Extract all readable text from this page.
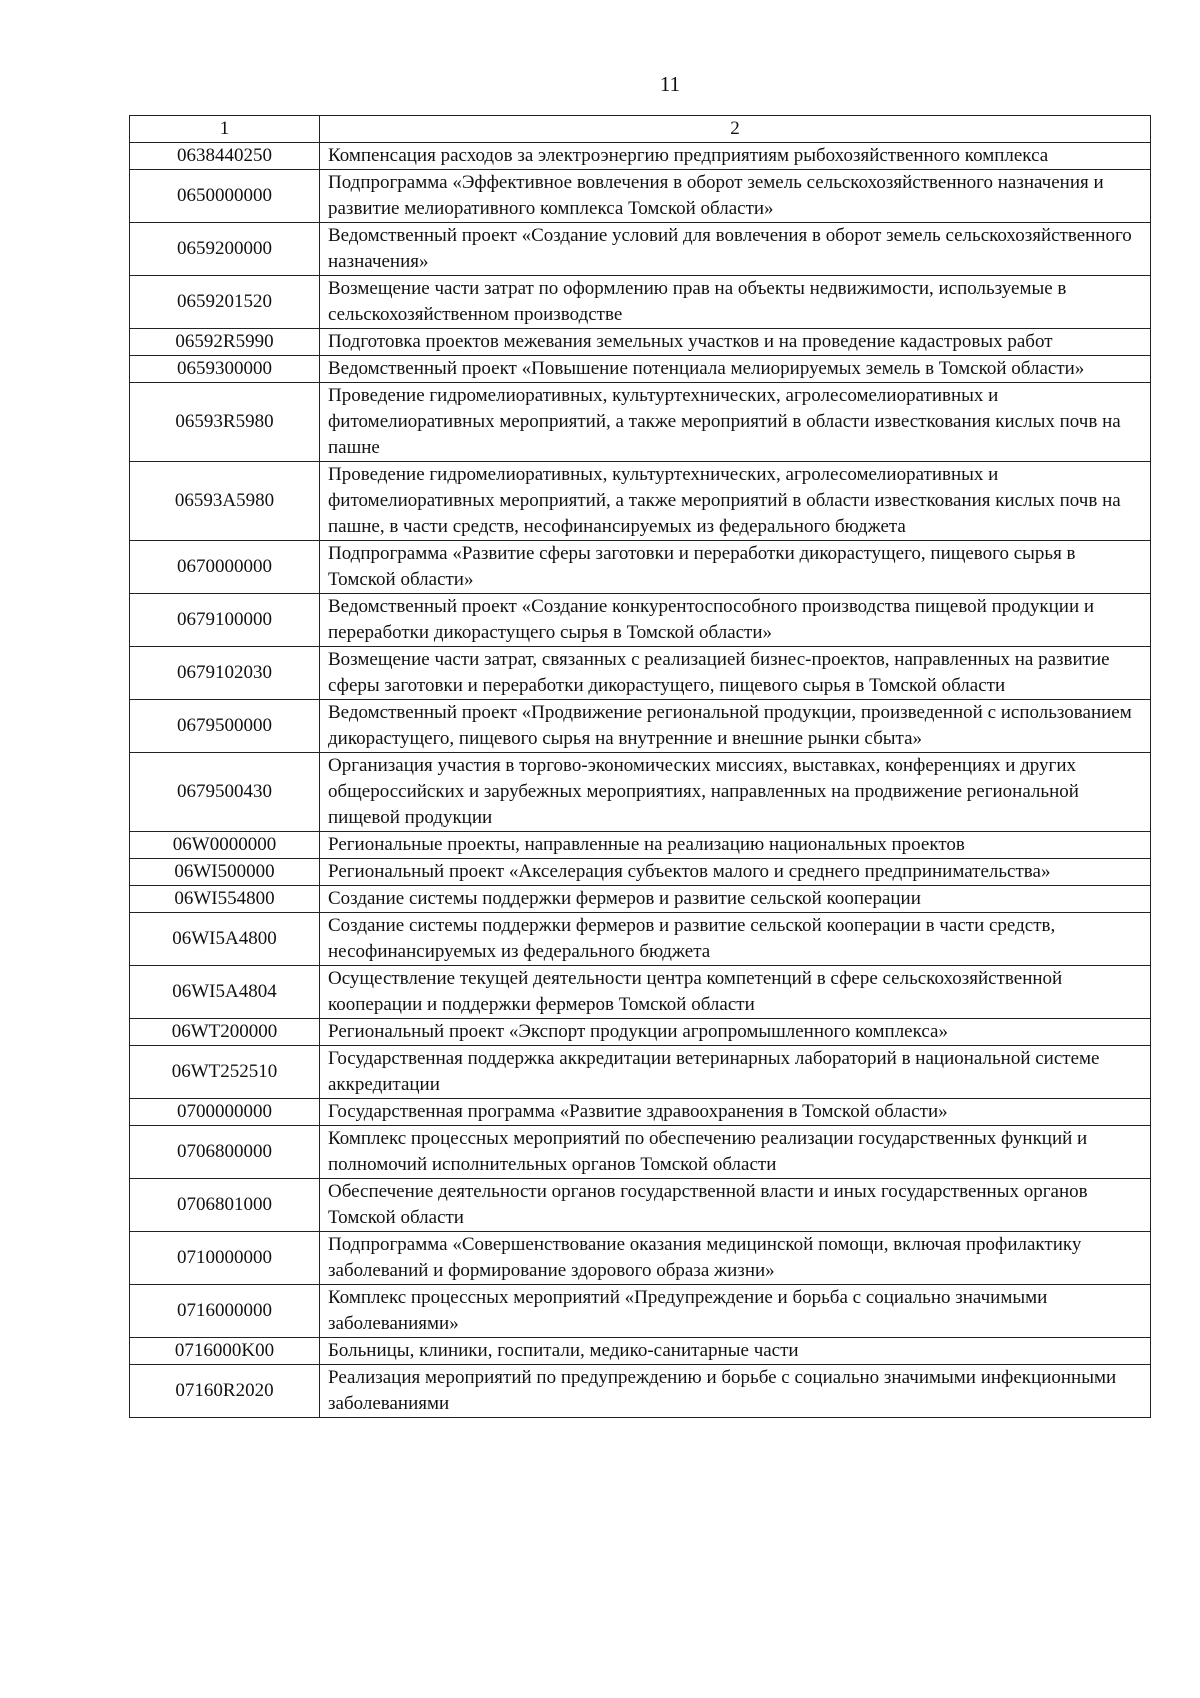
11
1	2
0638440250	Компенсация расходов за электроэнергию предприятиям рыбохозяйственного комплекса
0650000000	Подпрограмма «Эффективное вовлечения в оборот земель сельскохозяйственного назначения и развитие мелиоративного комплекса Томской области»
0659200000	Ведомственный проект «Создание условий для вовлечения в оборот земель сельскохозяйственного назначения»
0659201520	Возмещение части затрат по оформлению прав на объекты недвижимости, используемые в сельскохозяйственном производстве
06592R5990	Подготовка проектов межевания земельных участков и на проведение кадастровых работ
0659300000	Ведомственный проект «Повышение потенциала мелиорируемых земель в Томской области»
06593R5980	Проведение гидромелиоративных, культуртехнических, агролесомелиоративных и фитомелиоративных мероприятий, а также мероприятий в области известкования кислых почв на пашне
06593A5980	Проведение гидромелиоративных, культуртехнических, агролесомелиоративных и фитомелиоративных мероприятий, а также мероприятий в области известкования кислых почв на пашне, в части средств, несофинансируемых из федерального бюджета
0670000000	Подпрограмма «Развитие сферы заготовки и переработки дикорастущего, пищевого сырья в Томской области»
0679100000	Ведомственный проект «Создание конкурентоспособного производства пищевой продукции и переработки дикорастущего сырья в Томской области»
0679102030	Возмещение части затрат, связанных с реализацией бизнес-проектов, направленных на развитие сферы заготовки и переработки дикорастущего, пищевого сырья в Томской области
0679500000	Ведомственный проект «Продвижение региональной продукции, произведенной с использованием дикорастущего, пищевого сырья на внутренние и внешние рынки сбыта»
0679500430	Организация участия в торгово-экономических миссиях, выставках, конференциях и других общероссийских и зарубежных мероприятиях, направленных на продвижение региональной пищевой продукции
06W0000000	Региональные проекты, направленные на реализацию национальных проектов
06WI500000	Региональный проект «Акселерация субъектов малого и среднего предпринимательства»
06WI554800	Создание системы поддержки фермеров и развитие сельской кооперации
06WI5A4800	Создание системы поддержки фермеров и развитие сельской кооперации в части средств, несофинансируемых из федерального бюджета
06WI5A4804	Осуществление текущей деятельности центра компетенций в сфере сельскохозяйственной кооперации и поддержки фермеров Томской области
06WT200000	Региональный проект «Экспорт продукции агропромышленного комплекса»
06WT252510	Государственная поддержка аккредитации ветеринарных лабораторий в национальной системе аккредитации
0700000000	Государственная программа «Развитие здравоохранения в Томской области»
0706800000	Комплекс процессных мероприятий по обеспечению реализации государственных функций и полномочий исполнительных органов Томской области
0706801000	Обеспечение деятельности органов государственной власти и иных государственных органов Томской области
0710000000	Подпрограмма «Совершенствование оказания медицинской помощи, включая профилактику заболеваний и формирование здорового образа жизни»
0716000000	Комплекс процессных мероприятий «Предупреждение и борьба с социально значимыми заболеваниями»
0716000K00	Больницы, клиники, госпитали, медико-санитарные части
07160R2020	Реализация мероприятий по предупреждению и борьбе с социально значимыми инфекционными заболеваниями
